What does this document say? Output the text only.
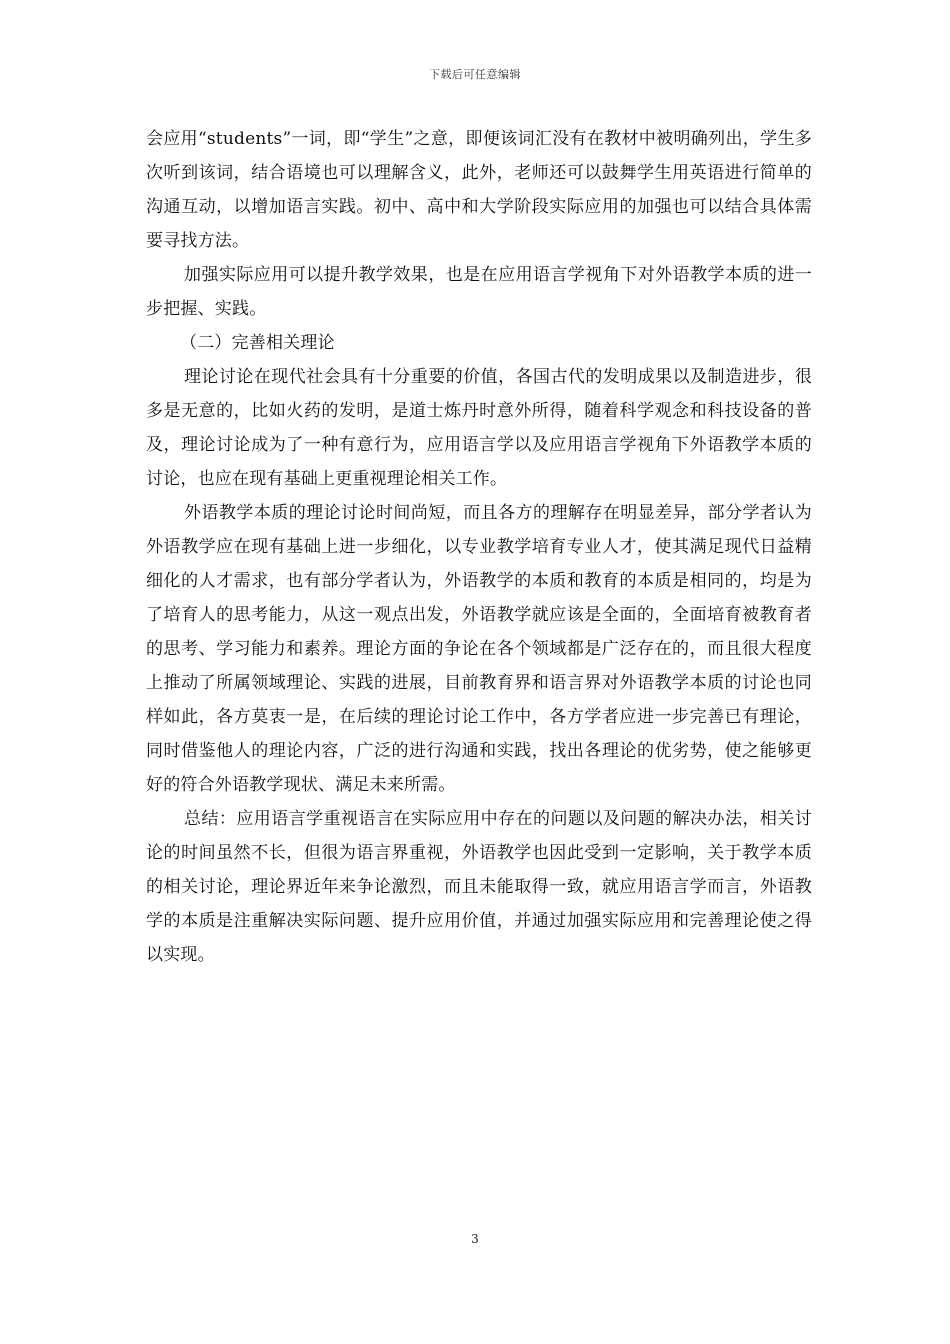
下载后可任意编辑

会应用“students”一词，即“学生”之意，即便该词汇没有在教材中被明确列出，学生多次听到该词，结合语境也可以理解含义，此外，老师还可以鼓舞学生用英语进行简单的沟通互动，以增加语言实践。初中、高中和大学阶段实际应用的加强也可以结合具体需要寻找方法。

加强实际应用可以提升教学效果，也是在应用语言学视角下对外语教学本质的进一步把握、实践。

（二）完善相关理论

理论讨论在现代社会具有十分重要的价值，各国古代的发明成果以及制造进步，很多是无意的，比如火药的发明，是道士炼丹时意外所得，随着科学观念和科技设备的普及，理论讨论成为了一种有意行为，应用语言学以及应用语言学视角下外语教学本质的讨论，也应在现有基础上更重视理论相关工作。

外语教学本质的理论讨论时间尚短，而且各方的理解存在明显差异，部分学者认为外语教学应在现有基础上进一步细化，以专业教学培育专业人才，使其满足现代日益精细化的人才需求，也有部分学者认为，外语教学的本质和教育的本质是相同的，均是为了培育人的思考能力，从这一观点出发，外语教学就应该是全面的，全面培育被教育者的思考、学习能力和素养。理论方面的争论在各个领域都是广泛存在的，而且很大程度上推动了所属领域理论、实践的进展，目前教育界和语言界对外语教学本质的讨论也同样如此，各方莫衷一是，在后续的理论讨论工作中，各方学者应进一步完善已有理论，同时借鉴他人的理论内容，广泛的进行沟通和实践，找出各理论的优劣势，使之能够更好的符合外语教学现状、满足未来所需。

总结：应用语言学重视语言在实际应用中存在的问题以及问题的解决办法，相关讨论的时间虽然不长，但很为语言界重视，外语教学也因此受到一定影响，关于教学本质的相关讨论，理论界近年来争论激烈，而且未能取得一致，就应用语言学而言，外语教学的本质是注重解决实际问题、提升应用价值，并通过加强实际应用和完善理论使之得以实现。

3
